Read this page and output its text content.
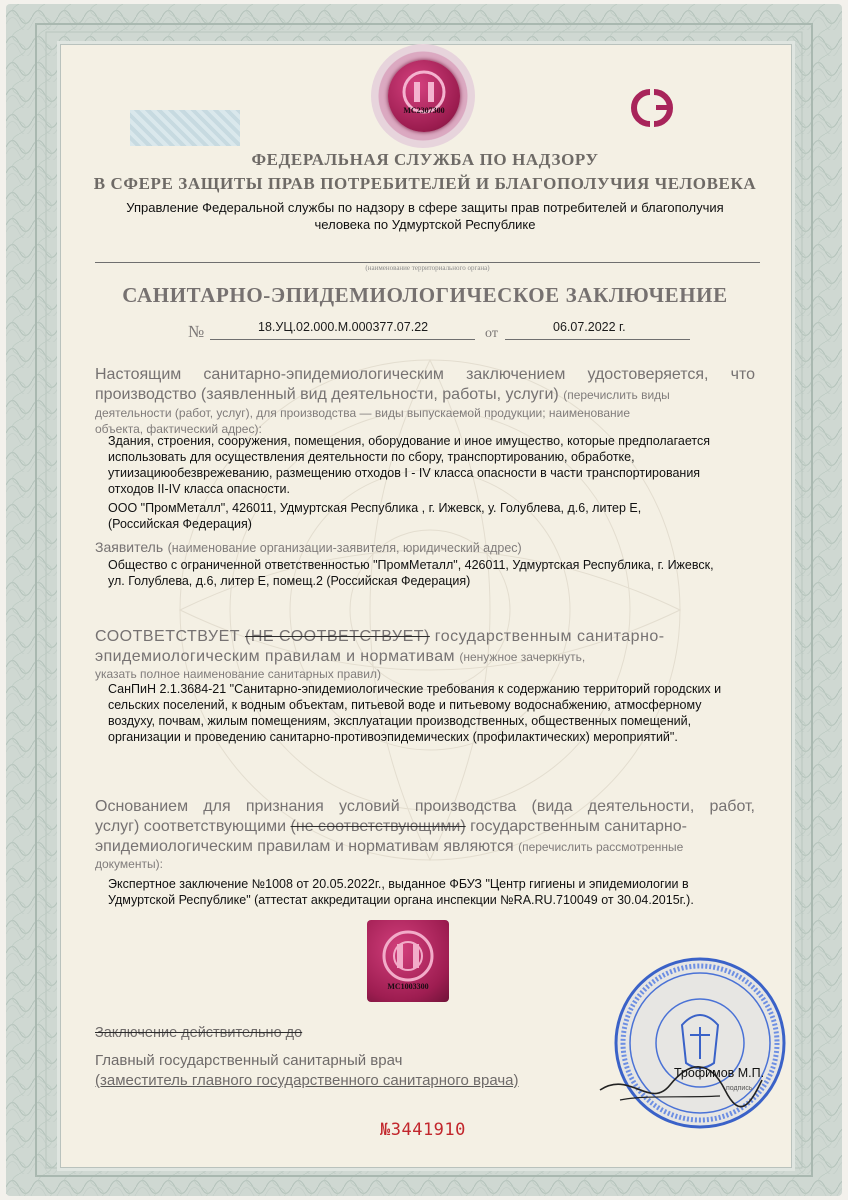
МС2307300
ФЕДЕРАЛЬНАЯ СЛУЖБА ПО НАДЗОРУ
В СФЕРЕ ЗАЩИТЫ ПРАВ ПОТРЕБИТЕЛЕЙ И БЛАГОПОЛУЧИЯ ЧЕЛОВЕКА
Управление Федеральной службы по надзору в сфере защиты прав потребителей и благополучия
человека по Удмуртской Республике
(наименование территориального органа)
САНИТАРНО-ЭПИДЕМИОЛОГИЧЕСКОЕ ЗАКЛЮЧЕНИЕ
№	18.УЦ.02.000.М.000377.07.22	от	06.07.2022 г.
Настоящим санитарно-эпидемиологическим заключением удостоверяется, что
производство (заявленный вид деятельности, работы, услуги) (перечислить виды
деятельности (работ, услуг), для производства — виды выпускаемой продукции; наименование
объекта, фактический адрес):
Здания, строения, сооружения, помещения, оборудование и иное имущество, которые предполагается
использовать для осуществления деятельности по сбору, транспортированию, обработке,
утиизациюобезврежеванию, размещению отходов I - IV класса опасности в части транспортирования
отходов II-IV класса опасности.
ООО "ПромМеталл", 426011, Удмуртская Республика , г. Ижевск, у. Голублева, д.6, литер Е,
(Российская Федерация)
Заявитель (наименование организации-заявителя, юридический адрес)
Общество с ограниченной ответственностью "ПромМеталл", 426011, Удмуртская Республика, г. Ижевск,
ул. Голублева, д.6, литер Е, помещ.2 (Российская Федерация)
СООТВЕТСТВУЕТ (НЕ СООТВЕТСТВУЕТ) государственным санитарно-
эпидемиологическим правилам и нормативам (ненужное зачеркнуть,
указать полное наименование санитарных правил)
СанПиН 2.1.3684-21 "Санитарно-эпидемиологические требования к содержанию территорий городских и
сельских поселений, к водным объектам, питьевой воде и питьевому водоснабжению, атмосферному
воздуху, почвам, жилым помещениям, эксплуатации производственных, общественных помещений,
организации и проведению санитарно-противоэпидемических (профилактических) мероприятий".
Основанием для признания условий производства (вида деятельности, работ,
услуг) соответствующими (не соответствующими) государственным санитарно-
эпидемиологическим правилам и нормативам являются (перечислить рассмотренные
документы):
Экспертное заключение №1008 от 20.05.2022г., выданное ФБУЗ "Центр гигиены и эпидемиологии в
Удмуртской Республике" (аттестат аккредитации органа инспекции №RA.RU.710049 от 30.04.2015г.).
МС1003300
Заключение действительно до
Главный государственный санитарный врач
(заместитель главного государственного санитарного врача)	Трофимов М.П.
подпись
№3441910
